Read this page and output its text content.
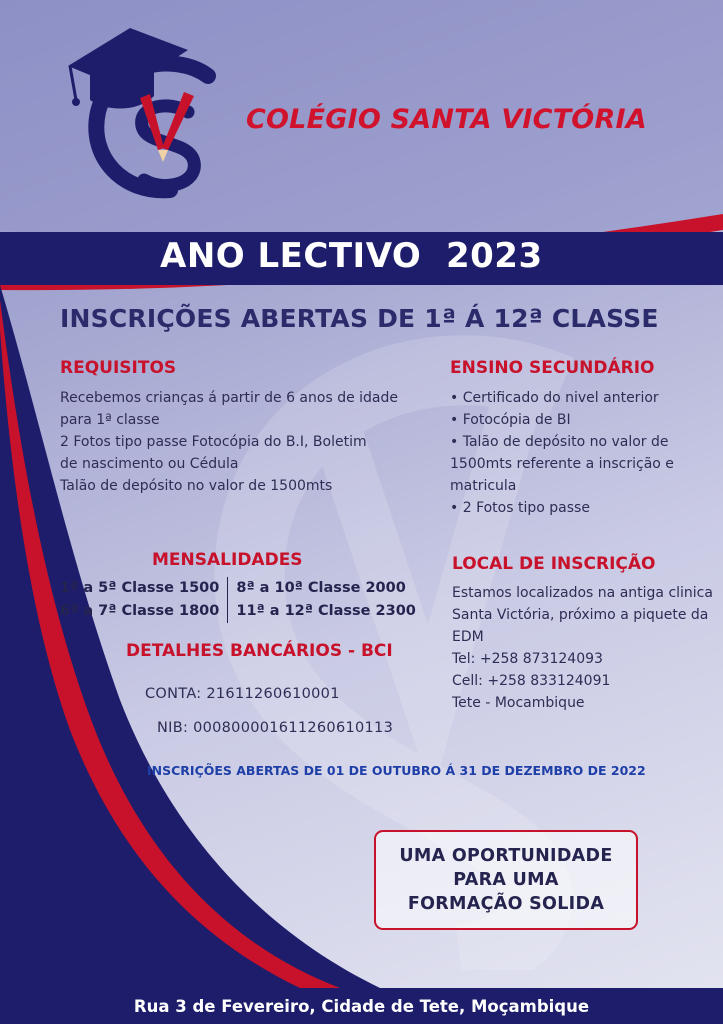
COLÉGIO SANTA VICTÓRIA
ANO LECTIVO  2023
INSCRIÇÕES ABERTAS DE 1ª Á 12ª CLASSE
REQUISITOS
Recebemos crianças á partir de 6 anos de idade
para 1ª classe
2 Fotos tipo passe Fotocópia do B.I, Boletim
de nascimento ou Cédula
Talão de depósito no valor de 1500mts
ENSINO SECUNDÁRIO
• Certificado do nivel anterior
• Fotocópia de BI
• Talão de depósito no valor de
1500mts referente a inscrição e
matricula
• 2 Fotos tipo passe
MENSALIDADES
1ª a 5ª Classe 1500
6ª a 7ª Classe 1800
8ª a 10ª Classe 2000
11ª a 12ª Classe 2300
DETALHES BANCÁRIOS - BCI
CONTA: 21611260610001
NIB: 000800001611260610113
LOCAL DE INSCRIÇÃO
Estamos localizados na antiga clinica
Santa Victória, próximo a piquete da
EDM
Tel: +258 873124093
Cell: +258 833124091
Tete - Mocambique
INSCRIÇÕES ABERTAS DE 01 DE OUTUBRO Á 31 DE DEZEMBRO DE 2022
UMA OPORTUNIDADE
PARA UMA
FORMAÇÃO SOLIDA
Rua 3 de Fevereiro, Cidade de Tete, Moçambique
